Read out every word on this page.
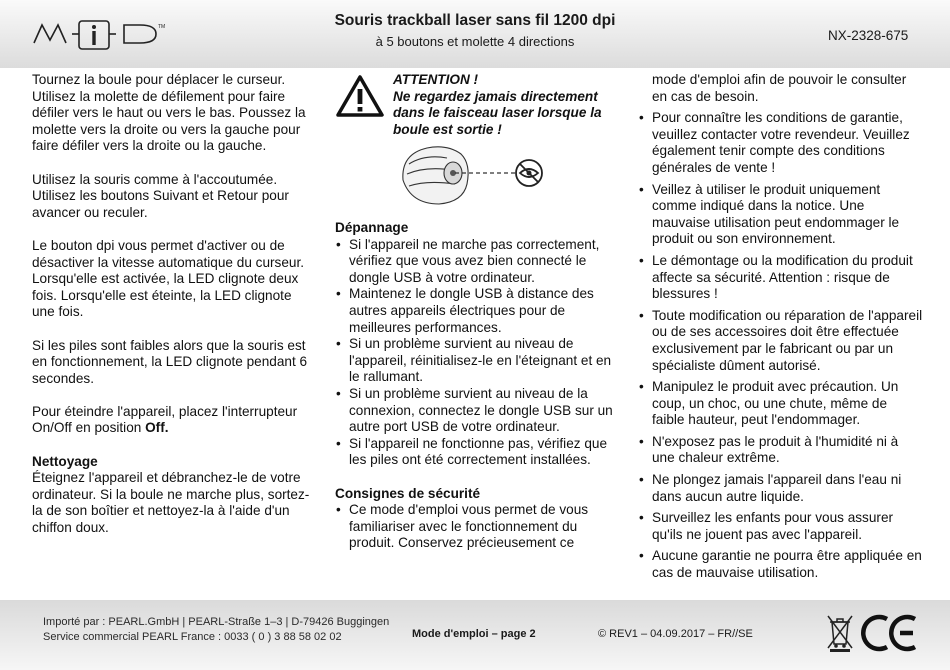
TM	Souris trackball laser sans fil 1200 dpi
à 5 boutons et molette 4 directions	NX-2328-675

Tournez la boule pour déplacer le curseur. Utilisez la molette de défilement pour faire défiler vers le haut ou vers le bas. Poussez la molette vers la droite ou vers la gauche pour faire défiler vers la droite ou la gauche.

Utilisez la souris comme à l'accoutumée. Utilisez les boutons Suivant et Retour pour avancer ou reculer.

Le bouton dpi vous permet d'activer ou de désactiver la vitesse automatique du curseur. Lorsqu'elle est activée, la LED clignote deux fois. Lorsqu'elle est éteinte, la LED clignote une fois.

Si les piles sont faibles alors que la souris est en fonctionnement, la LED clignote pendant 6 secondes.

Pour éteindre l'appareil, placez l'interrupteur On/Off en position Off.

Nettoyage
Éteignez l'appareil et débranchez-le de votre ordinateur. Si la boule ne marche plus, sortez-la de son boîtier et nettoyez-la à l'aide d'un chiffon doux.
ATTENTION !
Ne regardez jamais directement dans le faisceau laser lorsque la boule est sortie !
Dépannage
• Si l'appareil ne marche pas correctement, vérifiez que vous avez bien connecté le dongle USB à votre ordinateur.
• Maintenez le dongle USB à distance des autres appareils électriques pour de meilleures performances.
• Si un problème survient au niveau de l'appareil, réinitialisez-le en l'éteignant et en le rallumant.
• Si un problème survient au niveau de la connexion, connectez le dongle USB sur un autre port USB de votre ordinateur.
• Si l'appareil ne fonctionne pas, vérifiez que les piles ont été correctement installées.
Consignes de sécurité
• Ce mode d'emploi vous permet de vous familiariser avec le fonctionnement du produit. Conservez précieusement ce
mode d'emploi afin de pouvoir le consulter en cas de besoin.
• Pour connaître les conditions de garantie, veuillez contacter votre revendeur. Veuillez également tenir compte des conditions générales de vente !
• Veillez à utiliser le produit uniquement comme indiqué dans la notice. Une mauvaise utilisation peut endommager le produit ou son environnement.
• Le démontage ou la modification du produit affecte sa sécurité. Attention : risque de blessures !
• Toute modification ou réparation de l'appareil ou de ses accessoires doit être effectuée exclusivement par le fabricant ou par un spécialiste dûment autorisé.
• Manipulez le produit avec précaution. Un coup, un choc, ou une chute, même de faible hauteur, peut l'endommager.
• N'exposez pas le produit à l'humidité ni à une chaleur extrême.
• Ne plongez jamais l'appareil dans l'eau ni dans aucun autre liquide.
• Surveillez les enfants pour vous assurer qu'ils ne jouent pas avec l'appareil.
• Aucune garantie ne pourra être appliquée en cas de mauvaise utilisation.
Importé par : PEARL.GmbH | PEARL-Straße 1–3 | D-79426 Buggingen
Service commercial PEARL France : 0033 ( 0 ) 3 88 58 02 02	Mode d'emploi – page 2	© REV1 – 04.09.2017 – FR//SE
